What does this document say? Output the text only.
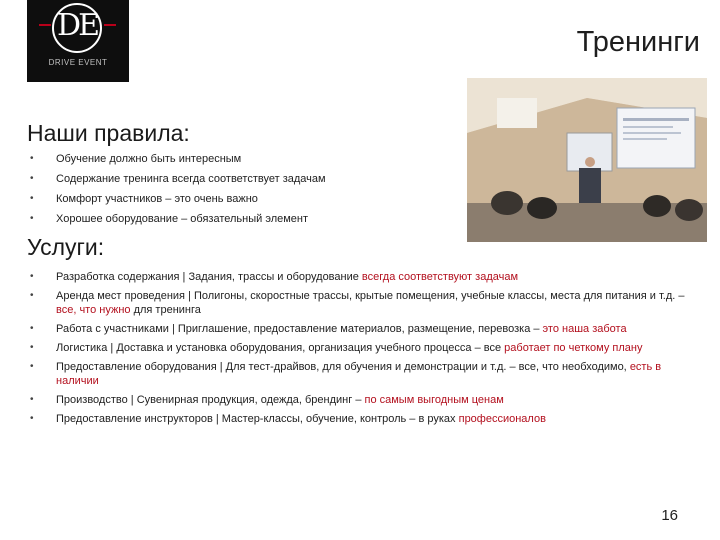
DE
DRIVE EVENT
Тренинги
Наши правила:
• Обучение должно быть интересным
• Содержание тренинга всегда соответствует задачам
• Комфорт участников – это очень важно
• Хорошее оборудование – обязательный элемент
Услуги:
• Разработка содержания | Задания, трассы и оборудование всегда соответствуют задачам
• Аренда мест проведения | Полигоны, скоростные трассы, крытые помещения, учебные классы, места для питания и т.д. – все, что нужно для тренинга
• Работа с участниками | Приглашение, предоставление материалов, размещение, перевозка – это наша забота
• Логистика | Доставка и установка оборудования, организация учебного процесса – все работает по четкому плану
• Предоставление оборудования | Для тест-драйвов, для обучения и демонстрации и т.д. – все, что необходимо, есть в наличии
• Производство | Сувенирная продукция, одежда, брендинг – по самым выгодным ценам
• Предоставление инструкторов | Мастер-классы, обучение, контроль – в руках профессионалов
16
